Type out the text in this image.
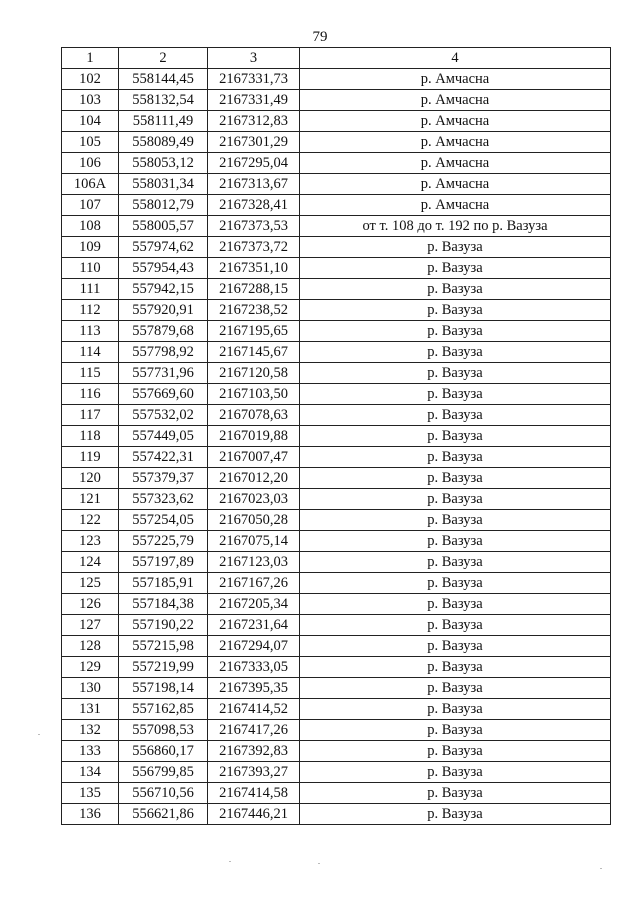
79
1	2	3	4
102	558144,45	2167331,73	р. Амчасна
103	558132,54	2167331,49	р. Амчасна
104	558111,49	2167312,83	р. Амчасна
105	558089,49	2167301,29	р. Амчасна
106	558053,12	2167295,04	р. Амчасна
106А	558031,34	2167313,67	р. Амчасна
107	558012,79	2167328,41	р. Амчасна
108	558005,57	2167373,53	от т. 108 до т. 192 по р. Вазуза
109	557974,62	2167373,72	р. Вазуза
110	557954,43	2167351,10	р. Вазуза
111	557942,15	2167288,15	р. Вазуза
112	557920,91	2167238,52	р. Вазуза
113	557879,68	2167195,65	р. Вазуза
114	557798,92	2167145,67	р. Вазуза
115	557731,96	2167120,58	р. Вазуза
116	557669,60	2167103,50	р. Вазуза
117	557532,02	2167078,63	р. Вазуза
118	557449,05	2167019,88	р. Вазуза
119	557422,31	2167007,47	р. Вазуза
120	557379,37	2167012,20	р. Вазуза
121	557323,62	2167023,03	р. Вазуза
122	557254,05	2167050,28	р. Вазуза
123	557225,79	2167075,14	р. Вазуза
124	557197,89	2167123,03	р. Вазуза
125	557185,91	2167167,26	р. Вазуза
126	557184,38	2167205,34	р. Вазуза
127	557190,22	2167231,64	р. Вазуза
128	557215,98	2167294,07	р. Вазуза
129	557219,99	2167333,05	р. Вазуза
130	557198,14	2167395,35	р. Вазуза
131	557162,85	2167414,52	р. Вазуза
132	557098,53	2167417,26	р. Вазуза
133	556860,17	2167392,83	р. Вазуза
134	556799,85	2167393,27	р. Вазуза
135	556710,56	2167414,58	р. Вазуза
136	556621,86	2167446,21	р. Вазуза
